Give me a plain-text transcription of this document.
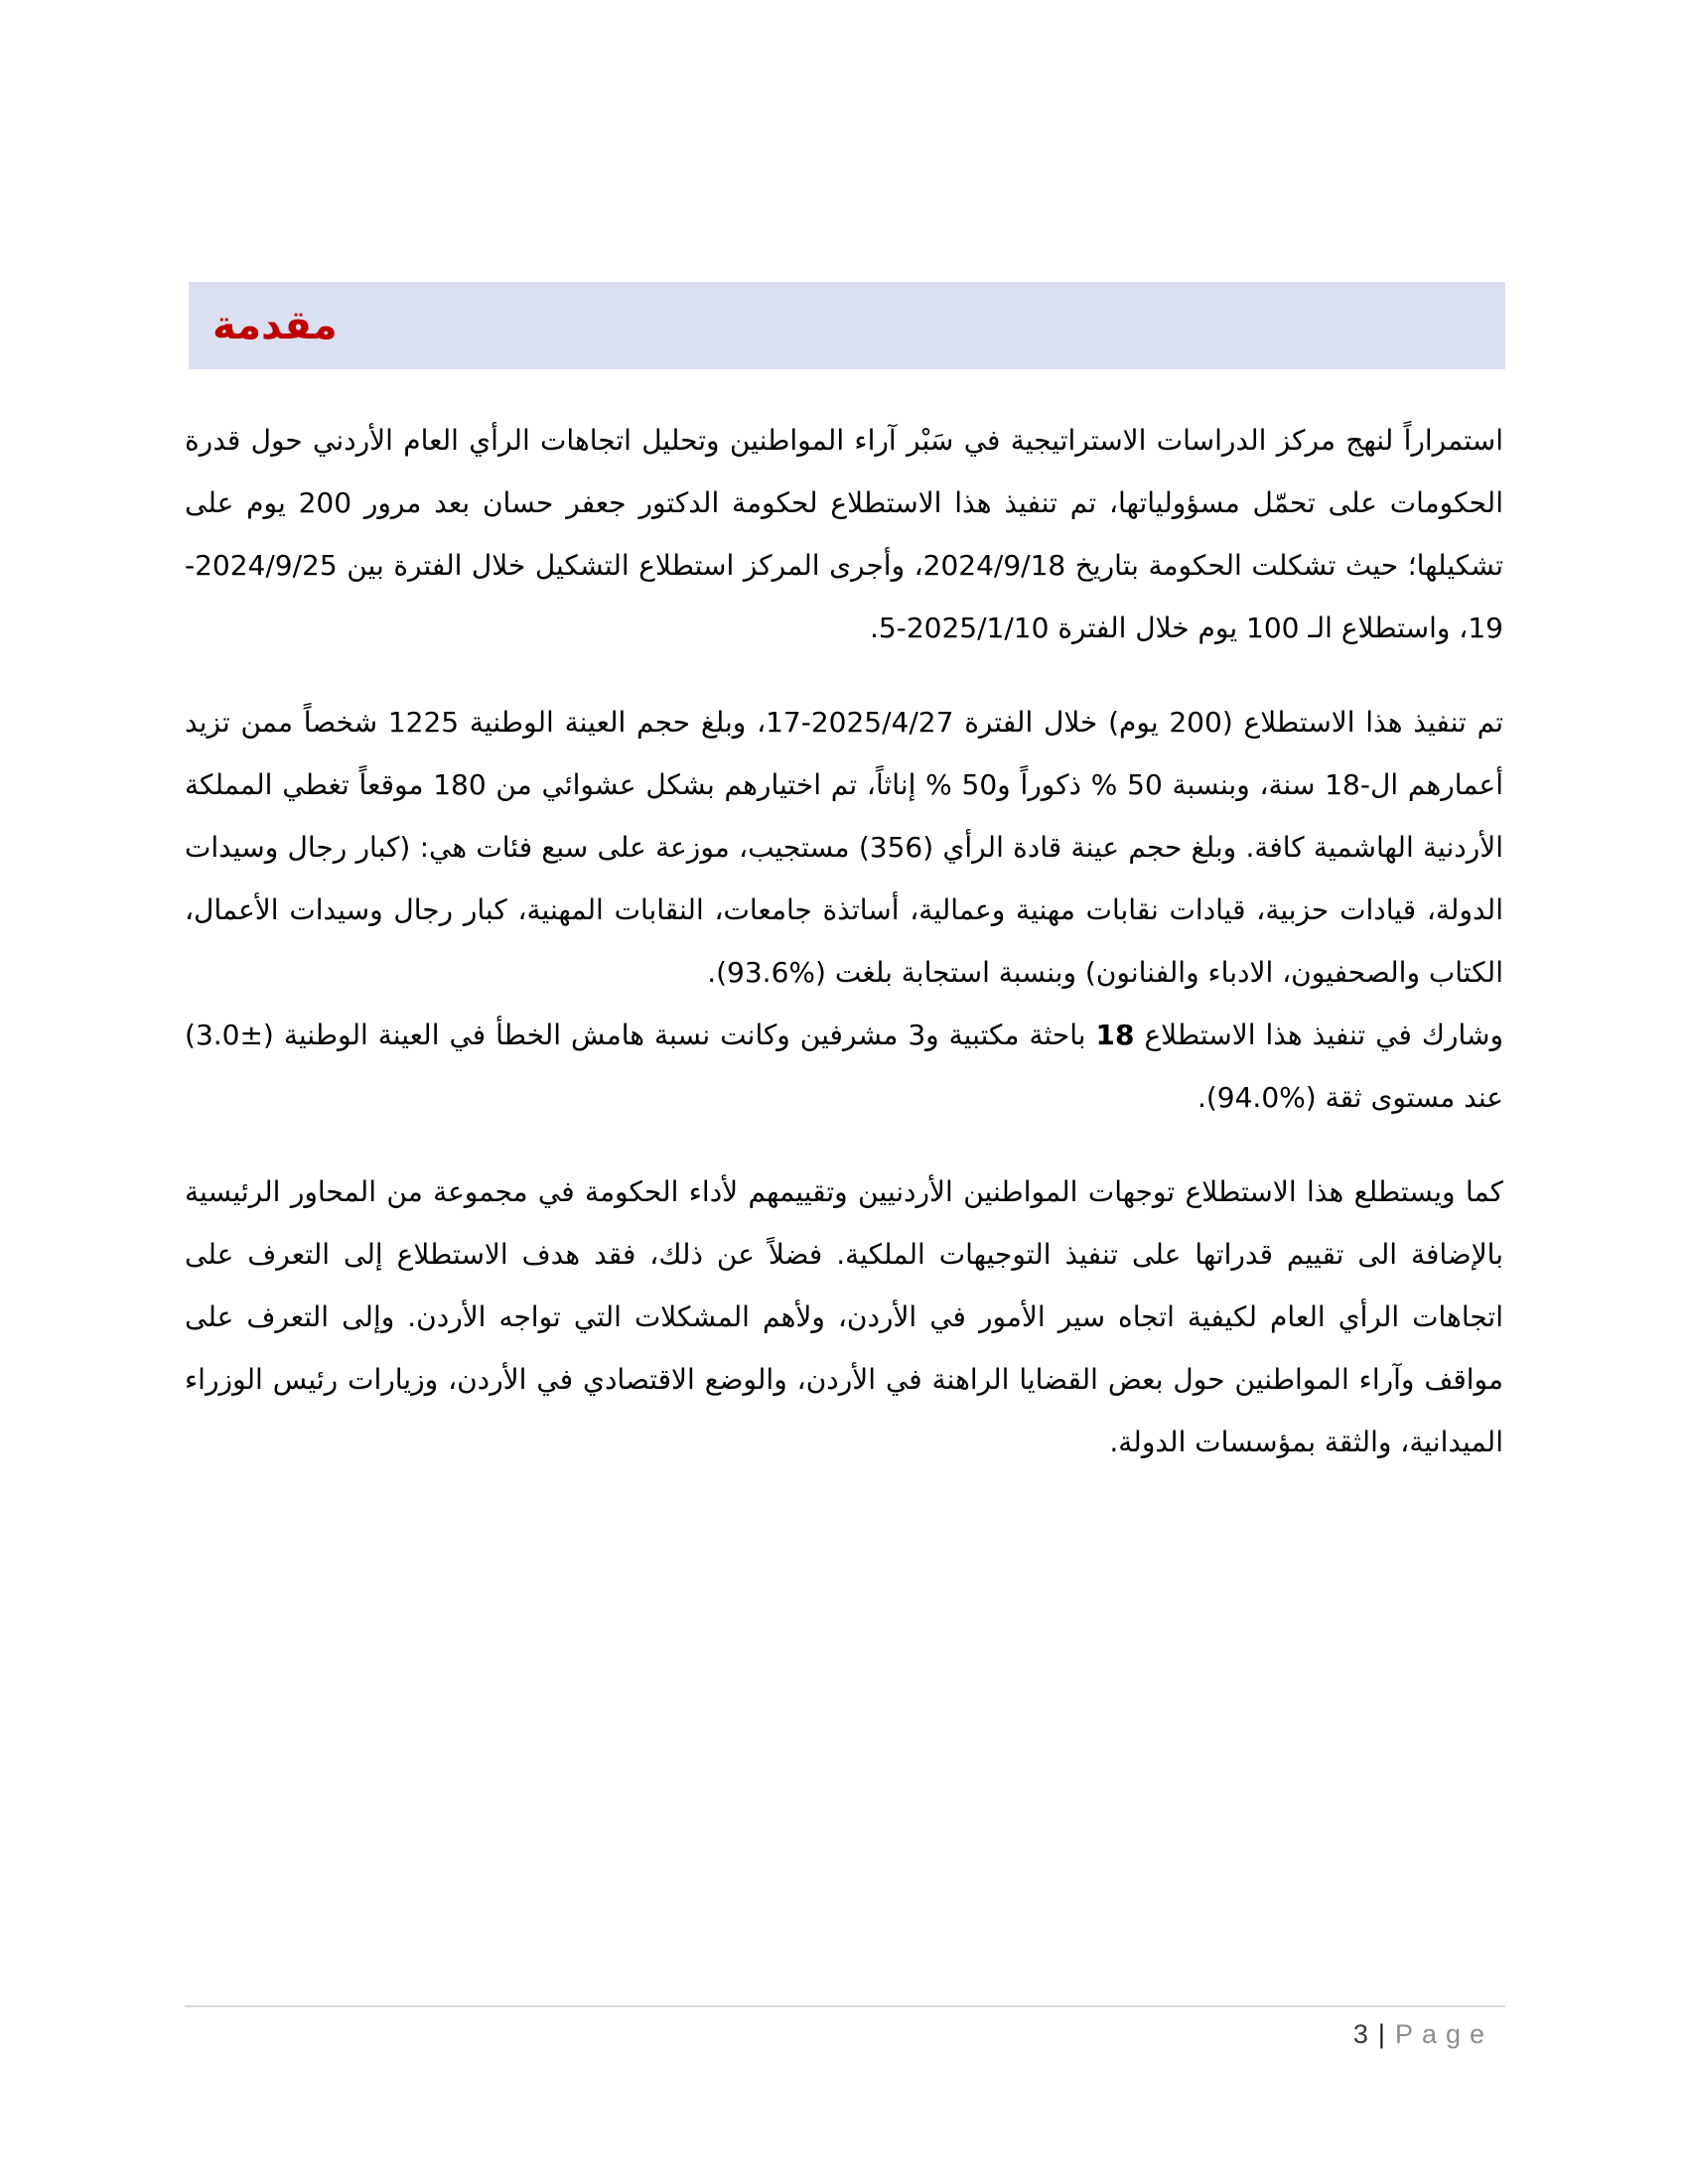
مقدمة

استمراراً لنهج مركز الدراسات الاستراتيجية في سَبْر آراء المواطنين وتحليل اتجاهات الرأي العام الأردني حول قدرة الحكومات على تحمّل مسؤولياتها، تم تنفيذ هذا الاستطلاع لحكومة الدكتور جعفر حسان بعد مرور 200 يوم على تشكيلها؛ حيث تشكلت الحكومة بتاريخ 2024/9/18، وأجرى المركز استطلاع التشكيل خلال الفترة بين 2024/9/25-19، واستطلاع الـ 100 يوم خلال الفترة 2025/1/10-5.

تم تنفيذ هذا الاستطلاع (200 يوم) خلال الفترة 2025/4/27-17، وبلغ حجم العينة الوطنية 1225 شخصاً ممن تزيد أعمارهم ال-18 سنة، وبنسبة 50 % ذكوراً و50 % إناثاً، تم اختيارهم بشكل عشوائي من 180 موقعاً تغطي المملكة الأردنية الهاشمية كافة. وبلغ حجم عينة قادة الرأي (356) مستجيب، موزعة على سبع فئات هي: (كبار رجال وسيدات الدولة، قيادات حزبية، قيادات نقابات مهنية وعمالية، أساتذة جامعات، النقابات المهنية، كبار رجال وسيدات الأعمال، الكتاب والصحفيون، الادباء والفنانون) وبنسبة استجابة بلغت (%93.6).

وشارك في تنفيذ هذا الاستطلاع 18 باحثة مكتبية و3 مشرفين وكانت نسبة هامش الخطأ في العينة الوطنية (±3.0) عند مستوى ثقة (%94.0).

كما ويستطلع هذا الاستطلاع توجهات المواطنين الأردنيين وتقييمهم لأداء الحكومة في مجموعة من المحاور الرئيسية بالإضافة الى تقييم قدراتها على تنفيذ التوجيهات الملكية. فضلاً عن ذلك، فقد هدف الاستطلاع إلى التعرف على اتجاهات الرأي العام لكيفية اتجاه سير الأمور في الأردن، ولأهم المشكلات التي تواجه الأردن. وإلى التعرف على مواقف وآراء المواطنين حول بعض القضايا الراهنة في الأردن، والوضع الاقتصادي في الأردن، وزيارات رئيس الوزراء الميدانية، والثقة بمؤسسات الدولة.

3 | Page
